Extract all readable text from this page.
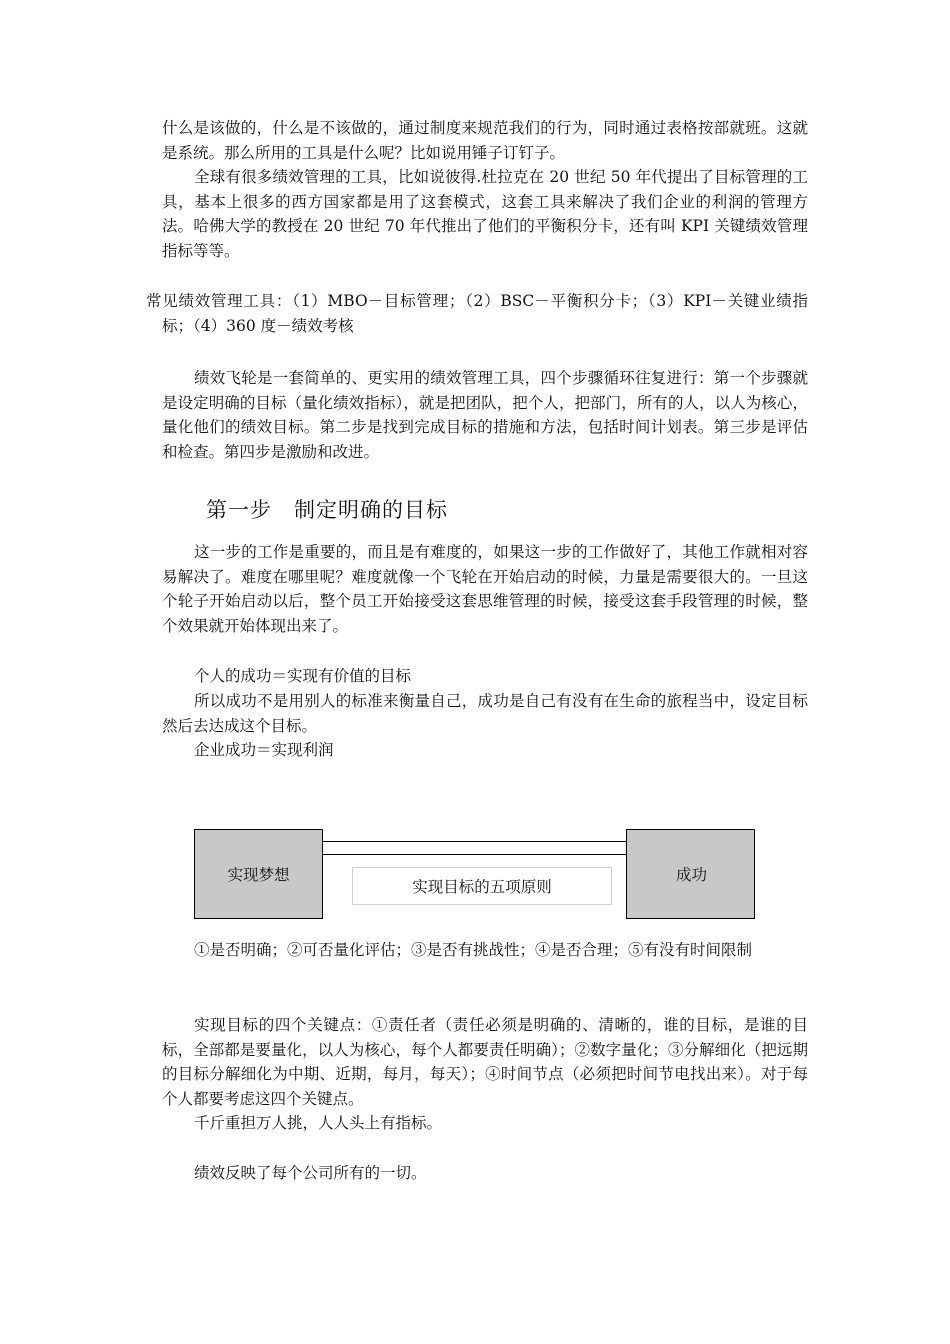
什么是该做的，什么是不该做的，通过制度来规范我们的行为，同时通过表格按部就班。这就是系统。那么所用的工具是什么呢？比如说用锤子订钉子。

全球有很多绩效管理的工具，比如说彼得.杜拉克在 20 世纪 50 年代提出了目标管理的工具，基本上很多的西方国家都是用了这套模式，这套工具来解决了我们企业的利润的管理方法。哈佛大学的教授在 20 世纪 70 年代推出了他们的平衡积分卡，还有叫 KPI 关键绩效管理指标等等。

常见绩效管理工具：（1）MBO－目标管理；（2）BSC－平衡积分卡；（3）KPI－关键业绩指标；（4）360 度－绩效考核

绩效飞轮是一套简单的、更实用的绩效管理工具，四个步骤循环往复进行：第一个步骤就是设定明确的目标（量化绩效指标），就是把团队，把个人，把部门，所有的人，以人为核心，量化他们的绩效目标。第二步是找到完成目标的措施和方法，包括时间计划表。第三步是评估和检查。第四步是激励和改进。

第一步　制定明确的目标

这一步的工作是重要的，而且是有难度的，如果这一步的工作做好了，其他工作就相对容易解决了。难度在哪里呢？难度就像一个飞轮在开始启动的时候，力量是需要很大的。一旦这个轮子开始启动以后，整个员工开始接受这套思维管理的时候，接受这套手段管理的时候，整个效果就开始体现出来了。

个人的成功＝实现有价值的目标

所以成功不是用别人的标准来衡量自己，成功是自己有没有在生命的旅程当中，设定目标然后去达成这个目标。

企业成功＝实现利润

实现梦想
实现目标的五项原则
成功

①是否明确；②可否量化评估；③是否有挑战性；④是否合理；⑤有没有时间限制

实现目标的四个关键点：①责任者（责任必须是明确的、清晰的，谁的目标，是谁的目标，全部都是要量化，以人为核心，每个人都要责任明确）；②数字量化；③分解细化（把远期的目标分解细化为中期、近期，每月，每天）；④时间节点（必须把时间节电找出来）。对于每个人都要考虑这四个关键点。

千斤重担万人挑，人人头上有指标。

绩效反映了每个公司所有的一切。
